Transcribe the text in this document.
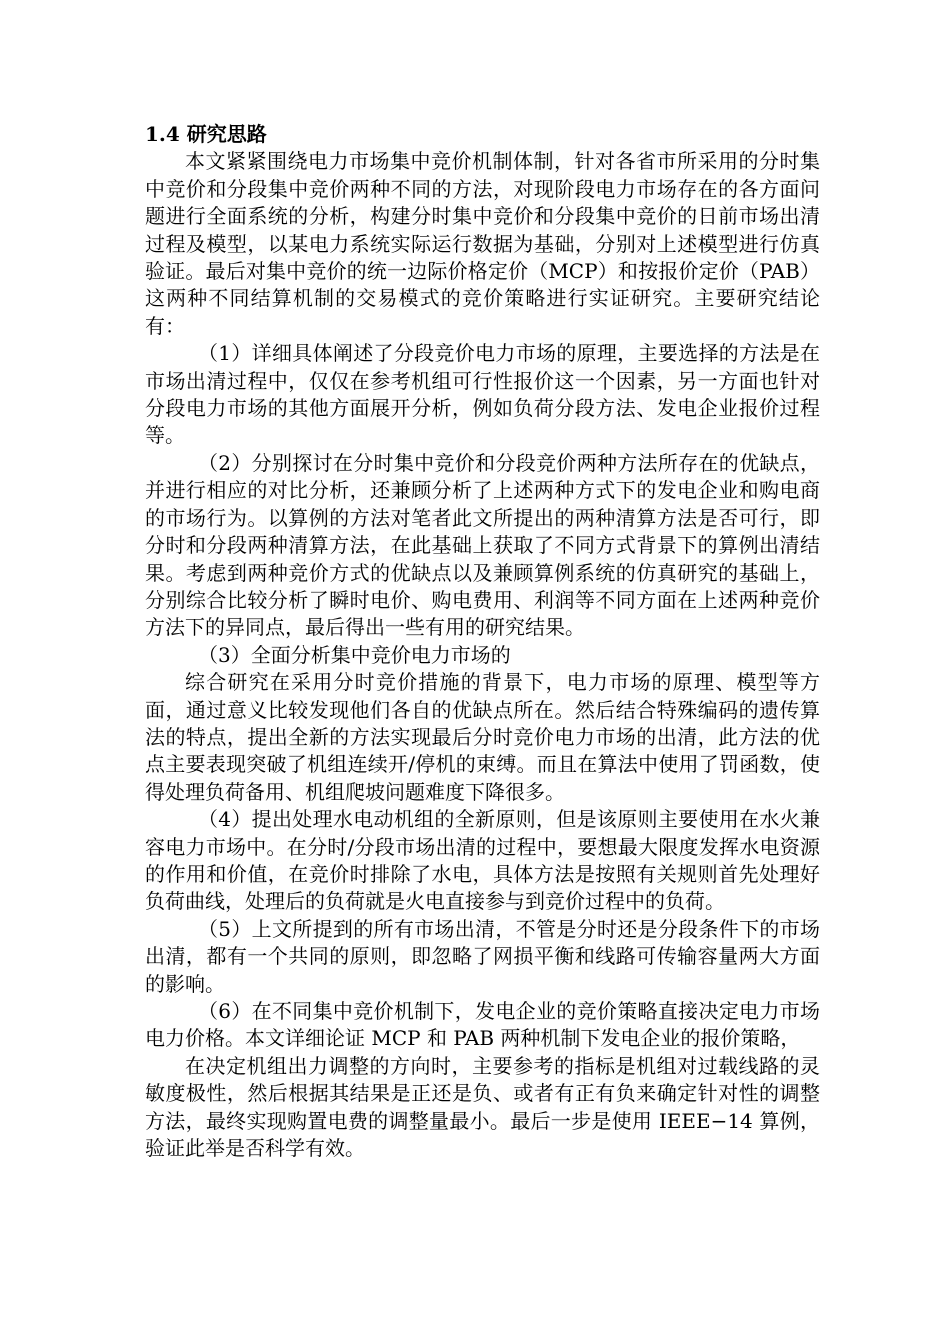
1.4 研究思路

本文紧紧围绕电力市场集中竞价机制体制，针对各省市所采用的分时集中竞价和分段集中竞价两种不同的方法，对现阶段电力市场存在的各方面问题进行全面系统的分析，构建分时集中竞价和分段集中竞价的日前市场出清过程及模型，以某电力系统实际运行数据为基础，分别对上述模型进行仿真验证。最后对集中竞价的统一边际价格定价（MCP）和按报价定价（PAB）这两种不同结算机制的交易模式的竞价策略进行实证研究。主要研究结论有：

（1）详细具体阐述了分段竞价电力市场的原理，主要选择的方法是在市场出清过程中，仅仅在参考机组可行性报价这一个因素，另一方面也针对分段电力市场的其他方面展开分析，例如负荷分段方法、发电企业报价过程等。

（2）分别探讨在分时集中竞价和分段竞价两种方法所存在的优缺点，并进行相应的对比分析，还兼顾分析了上述两种方式下的发电企业和购电商的市场行为。以算例的方法对笔者此文所提出的两种清算方法是否可行，即分时和分段两种清算方法，在此基础上获取了不同方式背景下的算例出清结果。考虑到两种竞价方式的优缺点以及兼顾算例系统的仿真研究的基础上，分别综合比较分析了瞬时电价、购电费用、利润等不同方面在上述两种竞价方法下的异同点，最后得出一些有用的研究结果。

（3）全面分析集中竞价电力市场的

综合研究在采用分时竞价措施的背景下，电力市场的原理、模型等方面，通过意义比较发现他们各自的优缺点所在。然后结合特殊编码的遗传算法的特点，提出全新的方法实现最后分时竞价电力市场的出清，此方法的优点主要表现突破了机组连续开/停机的束缚。而且在算法中使用了罚函数，使得处理负荷备用、机组爬坡问题难度下降很多。

（4）提出处理水电动机组的全新原则，但是该原则主要使用在水火兼容电力市场中。在分时/分段市场出清的过程中，要想最大限度发挥水电资源的作用和价值，在竞价时排除了水电，具体方法是按照有关规则首先处理好负荷曲线，处理后的负荷就是火电直接参与到竞价过程中的负荷。

（5）上文所提到的所有市场出清，不管是分时还是分段条件下的市场出清，都有一个共同的原则，即忽略了网损平衡和线路可传输容量两大方面的影响。

（6）在不同集中竞价机制下，发电企业的竞价策略直接决定电力市场电力价格。本文详细论证 MCP 和 PAB 两种机制下发电企业的报价策略，

在决定机组出力调整的方向时，主要参考的指标是机组对过载线路的灵敏度极性，然后根据其结果是正还是负、或者有正有负来确定针对性的调整方法，最终实现购置电费的调整量最小。最后一步是使用 IEEE−14 算例，验证此举是否科学有效。
